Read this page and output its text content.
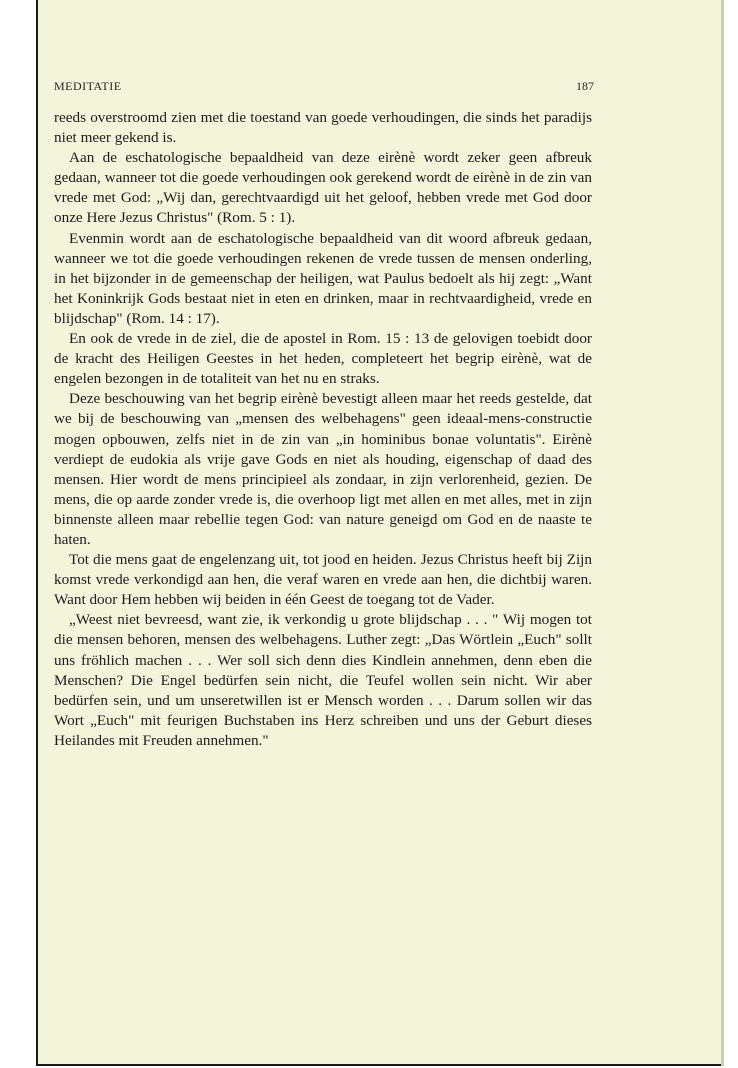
MEDITATIE	187

reeds overstroomd zien met die toestand van goede verhoudingen, die sinds het paradijs niet meer gekend is.

Aan de eschatologische bepaaldheid van deze eirènè wordt zeker geen afbreuk gedaan, wanneer tot die goede verhoudingen ook gerekend wordt de eirènè in de zin van vrede met God: „Wij dan, gerechtvaardigd uit het geloof, hebben vrede met God door onze Here Jezus Christus" (Rom. 5 : 1).

Evenmin wordt aan de eschatologische bepaaldheid van dit woord afbreuk gedaan, wanneer we tot die goede verhoudingen rekenen de vrede tussen de mensen onderling, in het bijzonder in de gemeenschap der heiligen, wat Paulus bedoelt als hij zegt: „Want het Koninkrijk Gods bestaat niet in eten en drinken, maar in rechtvaardigheid, vrede en blijdschap" (Rom. 14 : 17).

En ook de vrede in de ziel, die de apostel in Rom. 15 : 13 de gelovigen toebidt door de kracht des Heiligen Geestes in het heden, completeert het begrip eirènè, wat de engelen bezongen in de totaliteit van het nu en straks.

Deze beschouwing van het begrip eirènè bevestigt alleen maar het reeds gestelde, dat we bij de beschouwing van „mensen des welbehagens" geen ideaal-mens-constructie mogen opbouwen, zelfs niet in de zin van „in hominibus bonae voluntatis". Eirènè verdiept de eudokia als vrije gave Gods en niet als houding, eigenschap of daad des mensen. Hier wordt de mens principieel als zondaar, in zijn verlorenheid, gezien. De mens, die op aarde zonder vrede is, die overhoop ligt met allen en met alles, met in zijn binnenste alleen maar rebellie tegen God: van nature geneigd om God en de naaste te haten.

Tot die mens gaat de engelenzang uit, tot jood en heiden. Jezus Christus heeft bij Zijn komst vrede verkondigd aan hen, die veraf waren en vrede aan hen, die dichtbij waren. Want door Hem hebben wij beiden in één Geest de toegang tot de Vader.

„Weest niet bevreesd, want zie, ik verkondig u grote blijdschap . . . " Wij mogen tot die mensen behoren, mensen des welbehagens. Luther zegt: „Das Wörtlein „Euch" sollt uns fröhlich machen . . . Wer soll sich denn dies Kindlein annehmen, denn eben die Menschen? Die Engel bedürfen sein nicht, die Teufel wollen sein nicht. Wir aber bedürfen sein, und um unseretwillen ist er Mensch worden . . . Darum sollen wir das Wort „Euch" mit feurigen Buchstaben ins Herz schreiben und uns der Geburt dieses Heilandes mit Freuden annehmen."
